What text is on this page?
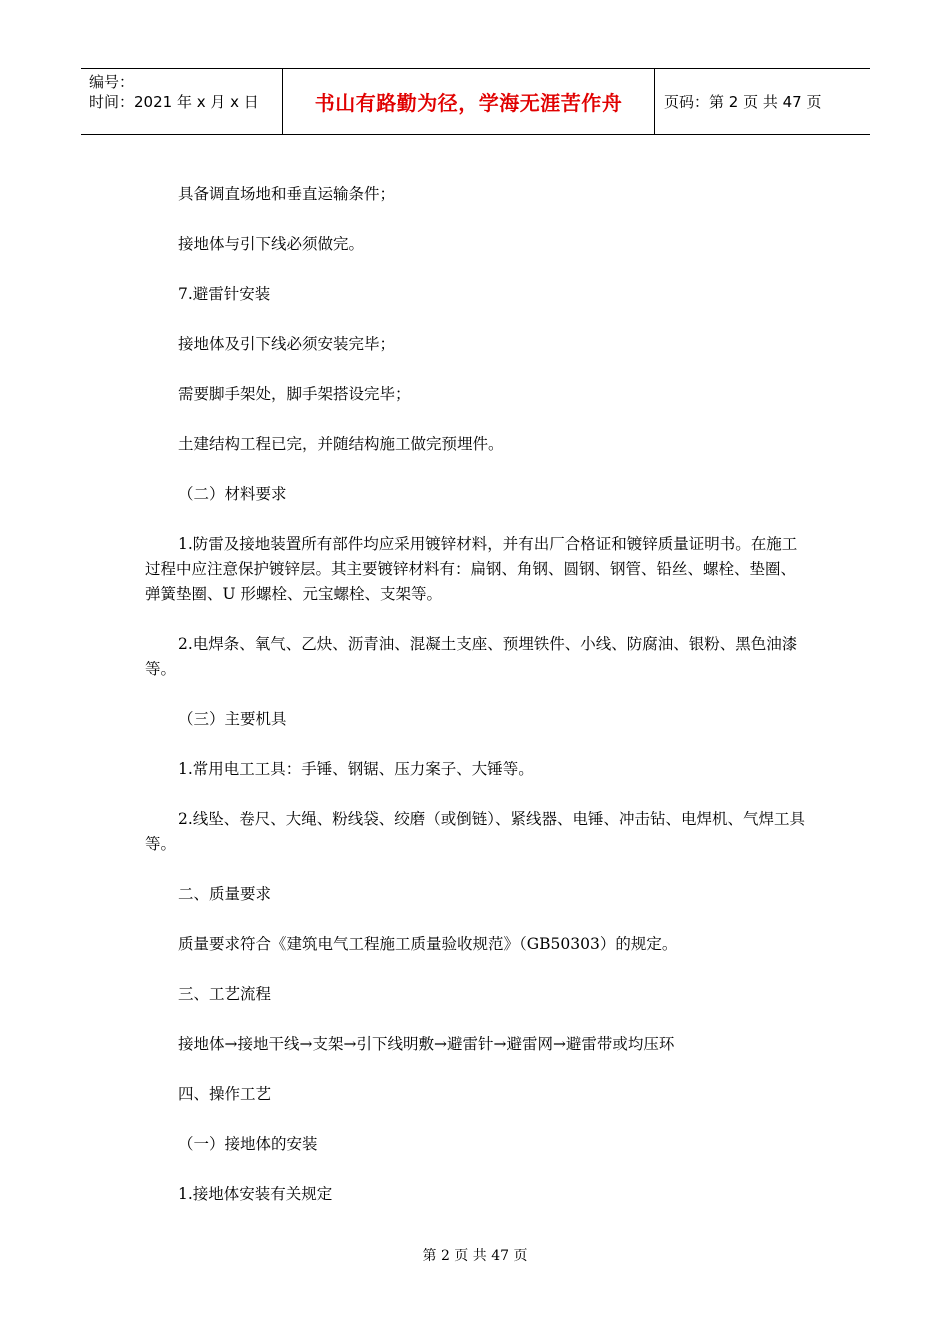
编号：
时间：2021 年 x 月 x 日	书山有路勤为径，学海无涯苦作舟	页码：第 2 页 共 47 页

具备调直场地和垂直运输条件；

接地体与引下线必须做完。

7.避雷针安装

接地体及引下线必须安装完毕；

需要脚手架处，脚手架搭设完毕；

土建结构工程已完，并随结构施工做完预埋件。

（二）材料要求

1.防雷及接地装置所有部件均应采用镀锌材料，并有出厂合格证和镀锌质量证明书。在施工过程中应注意保护镀锌层。其主要镀锌材料有：扁钢、角钢、圆钢、钢管、铅丝、螺栓、垫圈、弹簧垫圈、U 形螺栓、元宝螺栓、支架等。

2.电焊条、氧气、乙炔、沥青油、混凝土支座、预埋铁件、小线、防腐油、银粉、黑色油漆等。

（三）主要机具

1.常用电工工具：手锤、钢锯、压力案子、大锤等。

2.线坠、卷尺、大绳、粉线袋、绞磨（或倒链）、紧线器、电锤、冲击钻、电焊机、气焊工具等。

二、质量要求

质量要求符合《建筑电气工程施工质量验收规范》（GB50303）的规定。

三、工艺流程

接地体→接地干线→支架→引下线明敷→避雷针→避雷网→避雷带或均压环

四、操作工艺

（一）接地体的安装

1.接地体安装有关规定

第 2 页 共 47 页
